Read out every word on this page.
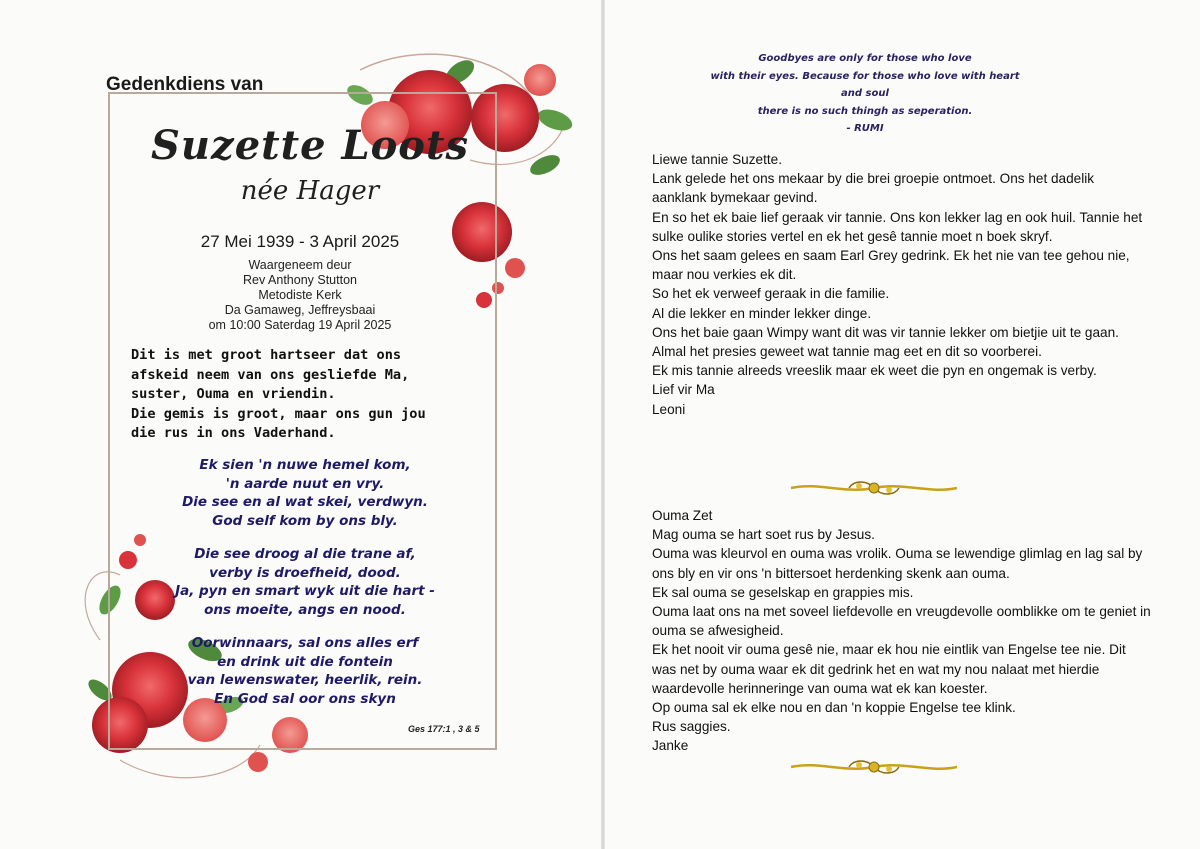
Gedenkdiens van
Suzette Loots
née Hager
27 Mei 1939 - 3 April 2025
Waargeneem deur
Rev Anthony Stutton
Metodiste Kerk
Da Gamaweg, Jeffreysbaai
om 10:00 Saterdag 19 April 2025
Dit is met groot hartseer dat ons
afskeid neem van ons gesliefde Ma,
suster, Ouma en vriendin.
Die gemis is groot, maar ons gun jou
die rus in ons Vaderhand.

Ek sien 'n nuwe hemel kom,
'n aarde nuut en vry.
Die see en al wat skei, verdwyn.
God self kom by ons bly.

Die see droog al die trane af,
verby is droefheid, dood.
Ja, pyn en smart wyk uit die hart -
ons moeite, angs en nood.

Oorwinnaars, sal ons alles erf
en drink uit die fontein
van lewenswater, heerlik, rein.
En God sal oor ons skyn

Ges 177:1 , 3 & 5
Goodbyes are only for those who love
with their eyes. Because for those who love with heart and soul
there is no such thingh as seperation.
- RUMI

Liewe tannie Suzette.

Lank gelede het ons mekaar by die brei groepie ontmoet. Ons het dadelik aanklank bymekaar gevind.

En so het ek baie lief geraak vir tannie. Ons kon lekker lag en ook huil. Tannie het sulke oulike stories vertel en ek het gesê tannie moet n boek skryf.

Ons het saam gelees en saam Earl Grey gedrink. Ek het nie van tee gehou nie, maar nou verkies ek dit.

So het ek verweef geraak in die familie.

Al die lekker en minder lekker dinge.

Ons het baie gaan Wimpy want dit was vir tannie lekker om bietjie uit te gaan. Almal het presies geweet wat tannie mag eet en dit so voorberei.

Ek mis tannie alreeds vreeslik maar ek weet die pyn en ongemak is verby.

Lief vir Ma

Leoni

Ouma Zet

Mag ouma se hart soet rus by Jesus.

Ouma was kleurvol en ouma was vrolik. Ouma se lewendige glimlag en lag sal by ons bly en vir ons 'n bittersoet herdenking skenk aan ouma.

Ek sal ouma se geselskap en grappies mis.

Ouma laat ons na met soveel liefdevolle en vreugdevolle oomblikke om te geniet in ouma se afwesigheid.

Ek het nooit vir ouma gesê nie, maar ek hou nie eintlik van Engelse tee nie. Dit was net by ouma waar ek dit gedrink het en wat my nou nalaat met hierdie waardevolle herinneringe van ouma wat ek kan koester.

Op ouma sal ek elke nou en dan 'n koppie Engelse tee klink.

Rus saggies.

Janke
